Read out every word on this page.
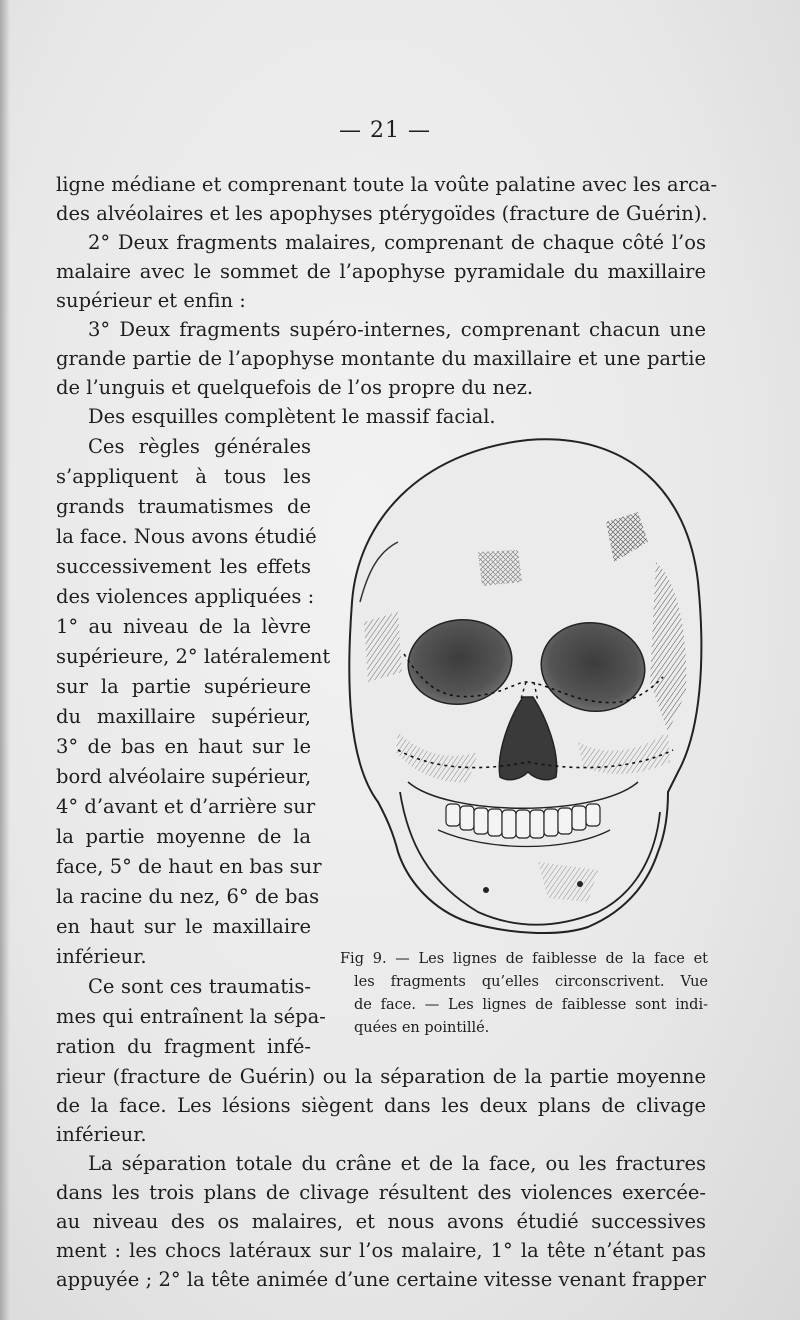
— 21 —
ligne médiane et comprenant toute la voûte palatine avec les arca-
des alvéolaires et les apophyses ptérygoïdes (fracture de Guérin).
2° Deux fragments malaires, comprenant de chaque côté l’os
malaire avec le sommet de l’apophyse pyramidale du maxillaire
supérieur et enfin :
3° Deux fragments supéro-internes, comprenant chacun une
grande partie de l’apophyse montante du maxillaire et une partie
de l’unguis et quelquefois de l’os propre du nez.
Des esquilles complètent le massif facial.
Ces règles générales
s’appliquent à tous les
grands traumatismes de
la face. Nous avons étudié
successivement les effets
des violences appliquées :
1° au niveau de la lèvre
supérieure, 2° latéralement
sur la partie supérieure
du maxillaire supérieur,
3° de bas en haut sur le
bord alvéolaire supérieur,
4° d’avant et d’arrière sur
la partie moyenne de la
face, 5° de haut en bas sur
la racine du nez, 6° de bas
en haut sur le maxillaire
inférieur.
Ce sont ces traumatis-
mes qui entraînent la sépa-
ration du fragment infé-
rieur (fracture de Guérin) ou la séparation de la partie moyenne
de la face. Les lésions siègent dans les deux plans de clivage
inférieur.
La séparation totale du crâne et de la face, ou les fractures
dans les trois plans de clivage résultent des violences exercée-
au niveau des os malaires, et nous avons étudié successives
ment : les chocs latéraux sur l’os malaire, 1° la tête n’étant pas
appuyée ; 2° la tête animée d’une certaine vitesse venant frapper
Fig 9. — Les lignes de faiblesse de la face et
les fragments qu’elles circonscrivent. Vue
de face. — Les lignes de faiblesse sont indi-
quées en pointillé.
